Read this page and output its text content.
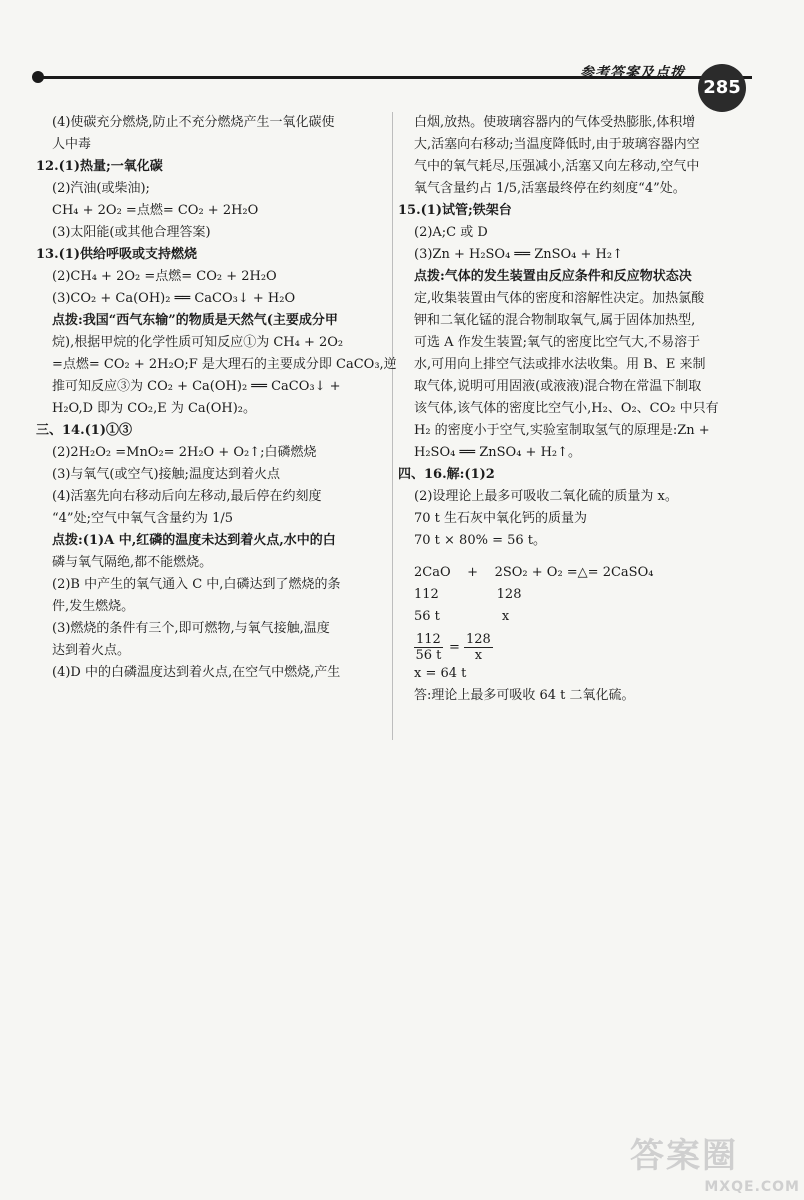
参考答案及点拨
285
(4)使碳充分燃烧,防止不充分燃烧产生一氧化碳使
人中毒
12.(1)热量;一氧化碳
(2)汽油(或柴油);
CH₄ + 2O₂ =点燃= CO₂ + 2H₂O
(3)太阳能(或其他合理答案)
13.(1)供给呼吸或支持燃烧
(2)CH₄ + 2O₂ =点燃= CO₂ + 2H₂O
(3)CO₂ + Ca(OH)₂ ══ CaCO₃↓ + H₂O
点拨:我国“西气东输”的物质是天然气(主要成分甲
烷),根据甲烷的化学性质可知反应①为 CH₄ + 2O₂
=点燃= CO₂ + 2H₂O;F 是大理石的主要成分即 CaCO₃,逆
推可知反应③为 CO₂ + Ca(OH)₂ ══ CaCO₃↓ +
H₂O,D 即为 CO₂,E 为 Ca(OH)₂。
三、14.(1)①③
(2)2H₂O₂ =MnO₂= 2H₂O + O₂↑;白磷燃烧
(3)与氧气(或空气)接触;温度达到着火点
(4)活塞先向右移动后向左移动,最后停在约刻度
“4”处;空气中氧气含量约为 1/5
点拨:(1)A 中,红磷的温度未达到着火点,水中的白
磷与氧气隔绝,都不能燃烧。
(2)B 中产生的氧气通入 C 中,白磷达到了燃烧的条
件,发生燃烧。
(3)燃烧的条件有三个,即可燃物,与氧气接触,温度
达到着火点。
(4)D 中的白磷温度达到着火点,在空气中燃烧,产生
白烟,放热。使玻璃容器内的气体受热膨胀,体积增
大,活塞向右移动;当温度降低时,由于玻璃容器内空
气中的氧气耗尽,压强减小,活塞又向左移动,空气中
氧气含量约占 1/5,活塞最终停在约刻度“4”处。
15.(1)试管;铁架台
(2)A;C 或 D
(3)Zn + H₂SO₄ ══ ZnSO₄ + H₂↑
点拨:气体的发生装置由反应条件和反应物状态决
定,收集装置由气体的密度和溶解性决定。加热氯酸
钾和二氧化锰的混合物制取氧气,属于固体加热型,
可选 A 作发生装置;氧气的密度比空气大,不易溶于
水,可用向上排空气法或排水法收集。用 B、E 来制
取气体,说明可用固液(或液液)混合物在常温下制取
该气体,该气体的密度比空气小,H₂、O₂、CO₂ 中只有
H₂ 的密度小于空气,实验室制取氢气的原理是:Zn +
H₂SO₄ ══ ZnSO₄ + H₂↑。
四、16.解:(1)2
(2)设理论上最多可吸收二氧化硫的质量为 x。
70 t 生石灰中氧化钙的质量为
70 t × 80% = 56 t。
2CaO    +    2SO₂ + O₂ =△= 2CaSO₄
112              128
56 t               x
$\frac{112}{56 t} = \frac{128}{x}$
x = 64 t
答:理论上最多可吸收 64 t 二氧化硫。
答案圈
MXQE.COM
